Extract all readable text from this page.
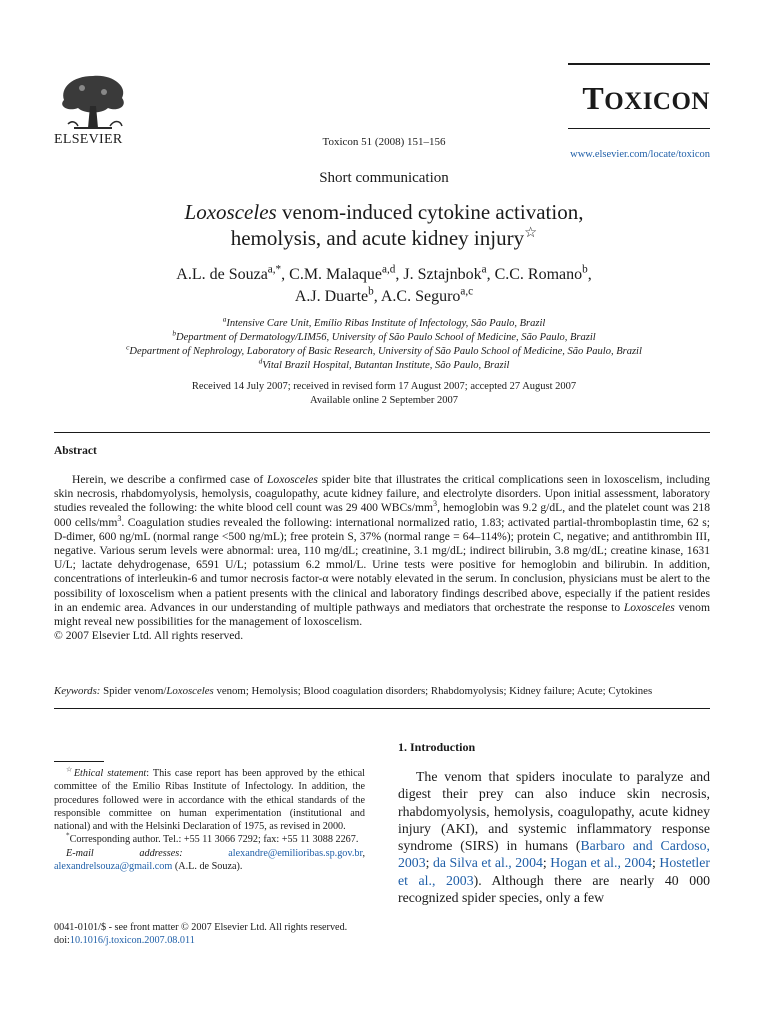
ELSEVIER	Toxicon 51 (2008) 151–156
TOXICON
www.elsevier.com/locate/toxicon
Short communication
Loxosceles venom-induced cytokine activation,
hemolysis, and acute kidney injury☆
A.L. de Souza$^{a,*}$, C.M. Malaque$^{a,d}$, J. Sztajnbok$^a$, C.C. Romano$^b$,
A.J. Duarte$^b$, A.C. Seguro$^{a,c}$
$^a$Intensive Care Unit, Emílio Ribas Institute of Infectology, São Paulo, Brazil
$^b$Department of Dermatology/LIM56, University of São Paulo School of Medicine, São Paulo, Brazil
$^c$Department of Nephrology, Laboratory of Basic Research, University of São Paulo School of Medicine, São Paulo, Brazil
$^d$Vital Brazil Hospital, Butantan Institute, São Paulo, Brazil
Received 14 July 2007; received in revised form 17 August 2007; accepted 27 August 2007
Available online 2 September 2007
Abstract
Herein, we describe a confirmed case of Loxosceles spider bite that illustrates the critical complications seen in loxoscelism, including skin necrosis, rhabdomyolysis, hemolysis, coagulopathy, acute kidney failure, and electrolyte disorders. Upon initial assessment, laboratory studies revealed the following: the white blood cell count was 29 400 WBCs/$mm^3$, hemoglobin was 9.2 g/dL, and the platelet count was 218 000 cells/$mm^3$. Coagulation studies revealed the following: international normalized ratio, 1.83; activated partial-thromboplastin time, 62 s; D-dimer, 600 ng/mL (normal range <500 ng/mL); free protein S, 37% (normal range = 64–114%); protein C, negative; and antithrombin III, negative. Various serum levels were abnormal: urea, 110 mg/dL; creatinine, 3.1 mg/dL; indirect bilirubin, 3.8 mg/dL; creatine kinase, 1631 U/L; lactate dehydrogenase, 6591 U/L; potassium 6.2 mmol/L. Urine tests were positive for hemoglobin and bilirubin. In addition, concentrations of interleukin-6 and tumor necrosis factor-α were notably elevated in the serum. In conclusion, physicians must be alert to the possibility of loxoscelism when a patient presents with the clinical and laboratory findings described above, especially if the patient resides in an endemic area. Advances in our understanding of multiple pathways and mediators that orchestrate the response to Loxosceles venom might reveal new possibilities for the management of loxoscelism.
© 2007 Elsevier Ltd. All rights reserved.
Keywords: Spider venom/Loxosceles venom; Hemolysis; Blood coagulation disorders; Rhabdomyolysis; Kidney failure; Acute; Cytokines
☆Ethical statement: This case report has been approved by the ethical committee of the Emilio Ribas Institute of Infectology. In addition, the procedures followed were in accordance with the ethical standards of the responsible committee on human experimentation (institutional and national) and with the Helsinki Declaration of 1975, as revised in 2000.
*Corresponding author. Tel.: +55 11 3066 7292; fax: +55 11 3088 2267.
E-mail addresses:	alexandre@emilioribas.sp.gov.br, alexandrelsouza@gmail.com (A.L. de Souza).
0041-0101/$ - see front matter © 2007 Elsevier Ltd. All rights reserved.
doi:10.1016/j.toxicon.2007.08.011
1. Introduction
The venom that spiders inoculate to paralyze and digest their prey can also induce skin necrosis, rhabdomyolysis, hemolysis, coagulopathy, acute kidney injury (AKI), and systemic inflammatory response syndrome (SIRS) in humans (Barbaro and Cardoso, 2003; da Silva et al., 2004; Hogan et al., 2004; Hostetler et al., 2003). Although there are nearly 40 000 recognized spider species, only a few
